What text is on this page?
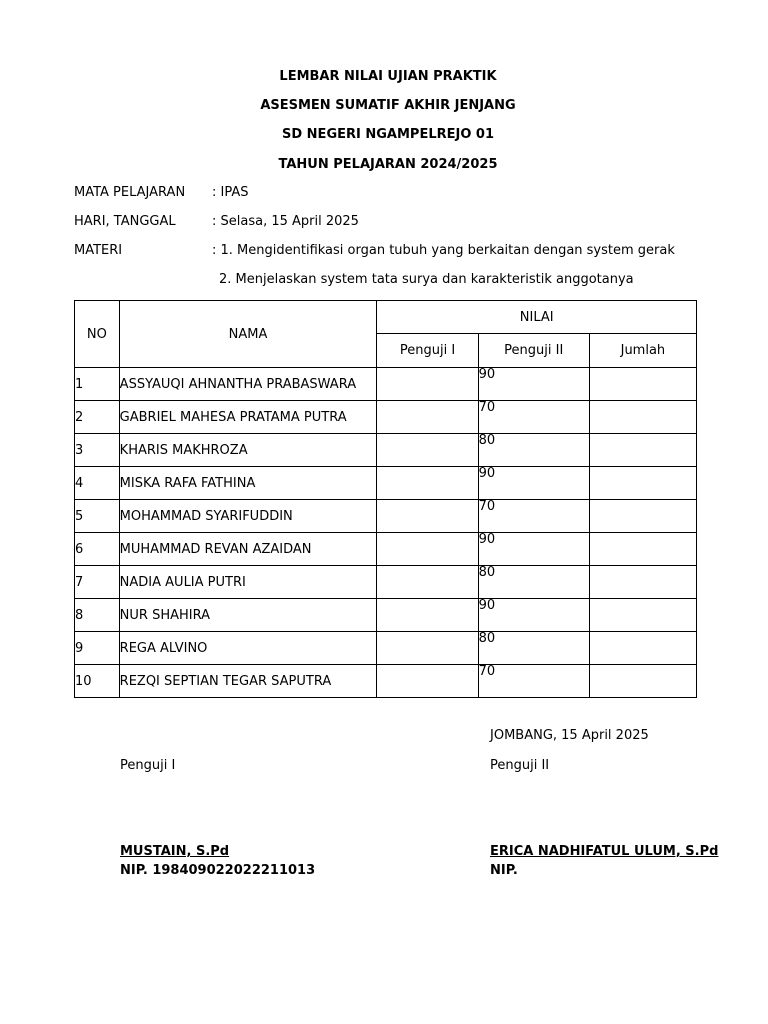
LEMBAR NILAI UJIAN PRAKTIK
ASESMEN SUMATIF AKHIR JENJANG
SD NEGERI NGAMPELREJO 01
TAHUN PELAJARAN 2024/2025
MATA PELAJARAN : IPAS
HARI, TANGGAL	: Selasa, 15 April 2025
MATERI	: 1. Mengidentifikasi organ tubuh yang berkaitan dengan system gerak
2. Menjelaskan system tata surya dan karakteristik anggotanya
NO	NAMA	NILAI		
		Penguji I	Penguji II	Jumlah
1	ASSYAUQI AHNANTHA PRABASWARA		90	
2	GABRIEL MAHESA PRATAMA PUTRA		70	
3	KHARIS MAKHROZA		80	
4	MISKA RAFA FATHINA		90	
5	MOHAMMAD SYARIFUDDIN		70	
6	MUHAMMAD REVAN AZAIDAN		90	
7	NADIA AULIA PUTRI		80	
8	NUR SHAHIRA		90	
9	REGA ALVINO		80	
10	REZQI SEPTIAN TEGAR SAPUTRA		70	
JOMBANG, 15 April 2025
Penguji I	Penguji II
MUSTAIN, S.Pd
NIP. 198409022022211013
ERICA NADHIFATUL ULUM, S.Pd
NIP.
